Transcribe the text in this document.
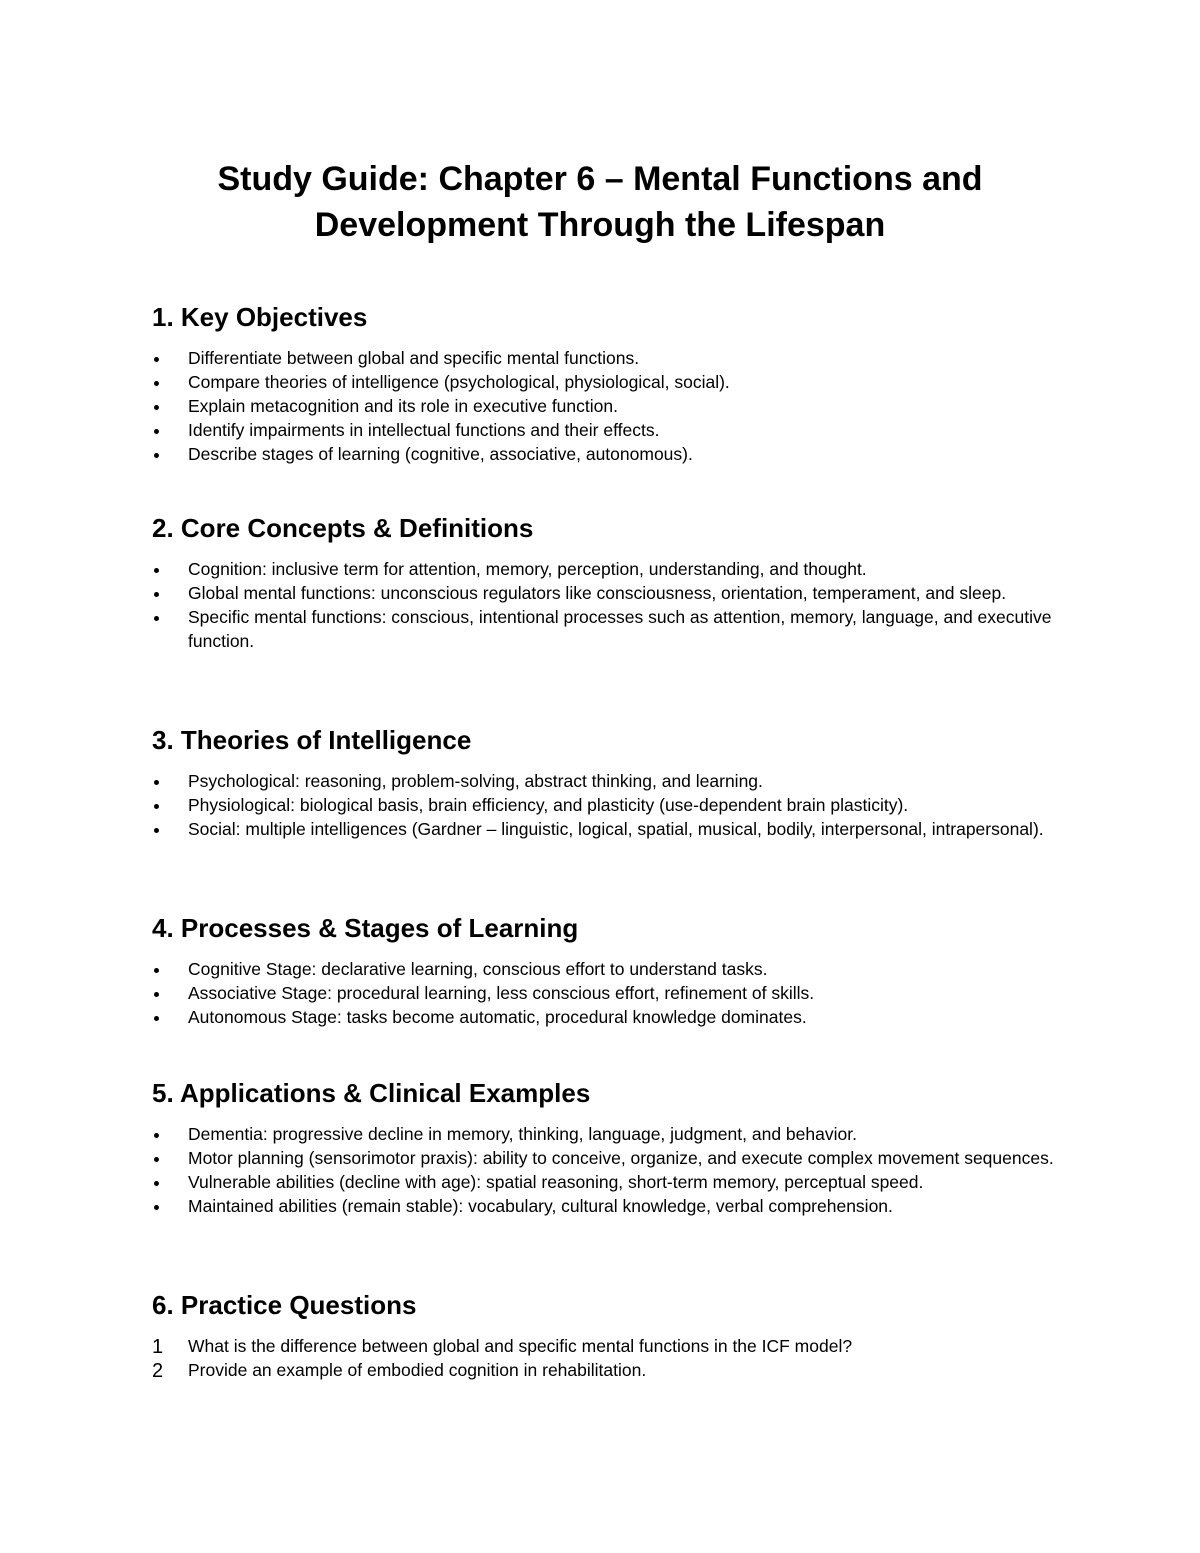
Study Guide: Chapter 6 – Mental Functions and
Development Through the Lifespan
1. Key Objectives
Differentiate between global and specific mental functions.
Compare theories of intelligence (psychological, physiological, social).
Explain metacognition and its role in executive function.
Identify impairments in intellectual functions and their effects.
Describe stages of learning (cognitive, associative, autonomous).
2. Core Concepts & Definitions
Cognition: inclusive term for attention, memory, perception, understanding, and thought.
Global mental functions: unconscious regulators like consciousness, orientation, temperament, and sleep.
Specific mental functions: conscious, intentional processes such as attention, memory, language, and executive function.
3. Theories of Intelligence
Psychological: reasoning, problem-solving, abstract thinking, and learning.
Physiological: biological basis, brain efficiency, and plasticity (use-dependent brain plasticity).
Social: multiple intelligences (Gardner – linguistic, logical, spatial, musical, bodily, interpersonal, intrapersonal).
4. Processes & Stages of Learning
Cognitive Stage: declarative learning, conscious effort to understand tasks.
Associative Stage: procedural learning, less conscious effort, refinement of skills.
Autonomous Stage: tasks become automatic, procedural knowledge dominates.
5. Applications & Clinical Examples
Dementia: progressive decline in memory, thinking, language, judgment, and behavior.
Motor planning (sensorimotor praxis): ability to conceive, organize, and execute complex movement sequences.
Vulnerable abilities (decline with age): spatial reasoning, short-term memory, perceptual speed.
Maintained abilities (remain stable): vocabulary, cultural knowledge, verbal comprehension.
6. Practice Questions
1	What is the difference between global and specific mental functions in the ICF model?
2	Provide an example of embodied cognition in rehabilitation.
